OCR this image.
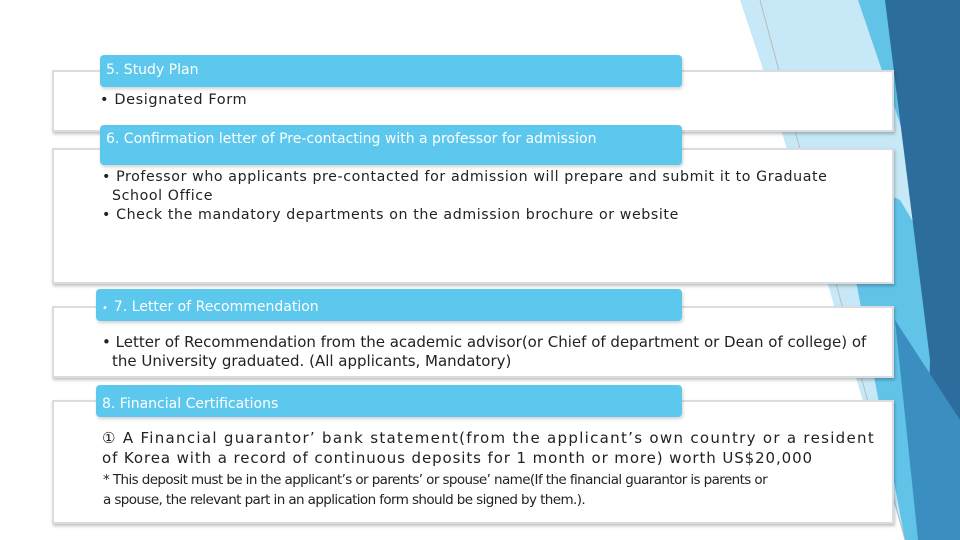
5. Study Plan
• Designated Form
6. Confirmation letter of Pre-contacting with a professor for admission
• Professor who applicants pre-contacted for admission will prepare and submit it to Graduate
School Office
• Check the mandatory departments on the admission brochure or website
• 7. Letter of Recommendation
• Letter of Recommendation from the academic advisor(or Chief of department or Dean of college) of
the University graduated. (All applicants, Mandatory)
8. Financial Certifications
① A Financial guarantor’ bank statement(from the applicant’s own country or a resident
of Korea with a record of continuous deposits for 1 month or more) worth US$20,000
* This deposit must be in the applicant’s or parents’ or spouse’ name(If the financial guarantor is parents or
a spouse, the relevant part in an application form should be signed by them.).
